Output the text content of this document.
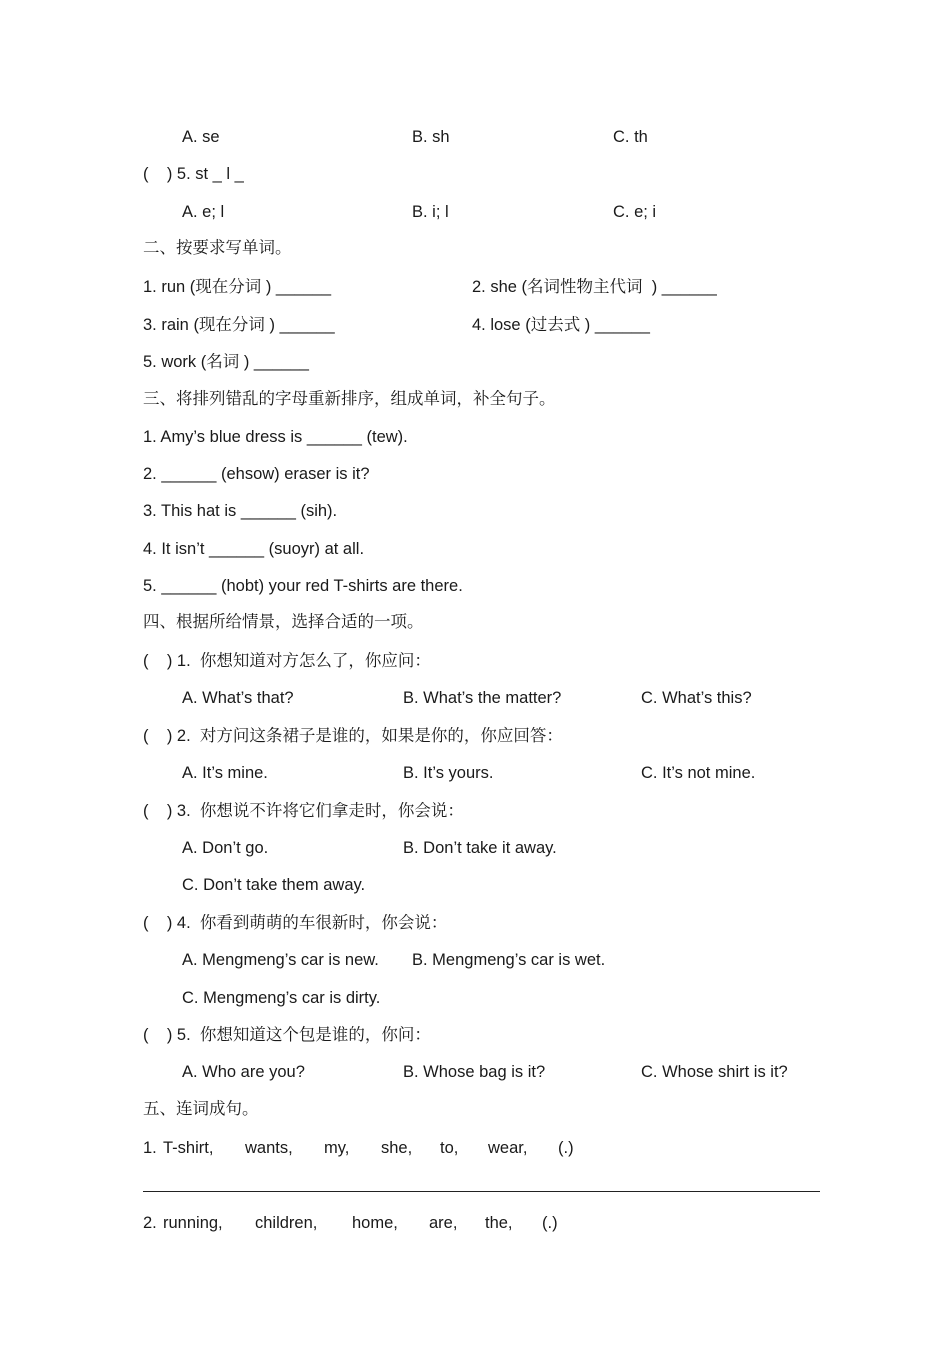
A. se	B. sh	C. th
(    ) 5. st _ l _
A. e; l	B. i; l	C. e; i
二、按要求写单词。
1. run (现在分词 ) ______	2. she (名词性物主代词  ) ______
3. rain (现在分词 ) ______	4. lose (过去式 ) ______
5. work (名词 ) ______
三、将排列错乱的字母重新排序，组成单词，补全句子。
1. Amy’s blue dress is ______ (tew).
2. ______ (ehsow) eraser is it?
3. This hat is ______ (sih).
4. It isn’t ______ (suoyr) at all.
5. ______ (hobt) your red T-shirts are there.
四、根据所给情景，选择合适的一项。
(    ) 1.  你想知道对方怎么了，你应问：
A. What’s that?	B. What’s the matter?	C. What’s this?
(    ) 2.  对方问这条裙子是谁的，如果是你的，你应回答：
A. It’s mine.	B. It’s yours.	C. It’s not mine.
(    ) 3.  你想说不许将它们拿走时，你会说：
A. Don’t go.	B. Don’t take it away.
C. Don’t take them away.
(    ) 4.  你看到萌萌的车很新时，你会说：
A. Mengmeng’s car is new. B. Mengmeng’s car is wet.
C. Mengmeng’s car is dirty.
(    ) 5.  你想知道这个包是谁的，你问：
A. Who are you?	B. Whose bag is it?	C. Whose shirt is it?
五、连词成句。
1. T-shirt, wants, my, she, to, wear, (.)
2. running, children, home, are, the, (.)
